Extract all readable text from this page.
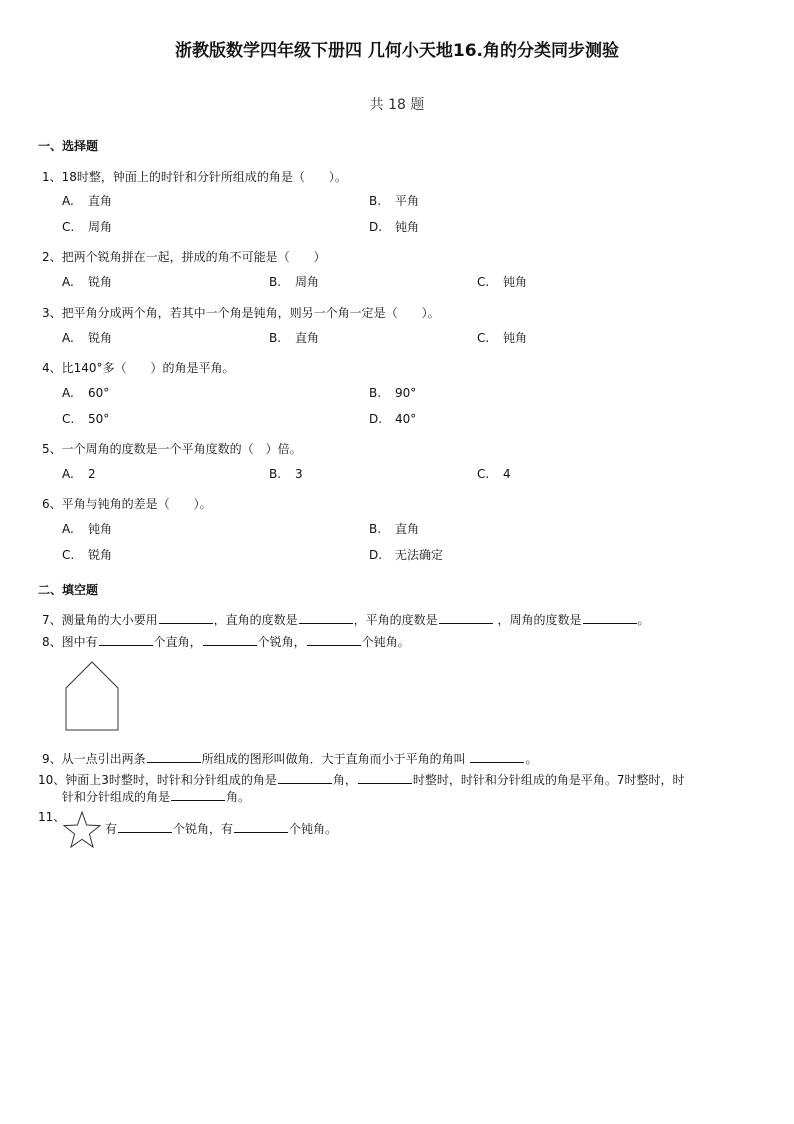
浙教版数学四年级下册四 几何小天地16.角的分类同步测验
共 18 题
一、选择题
1、18时整，钟面上的时针和分针所组成的角是（　　）。
A.	直角	B.	平角
C.	周角	D.	钝角
2、把两个锐角拼在一起，拼成的角不可能是（　　）
A.	锐角	B.	周角	C.	钝角
3、把平角分成两个角，若其中一个角是钝角，则另一个角一定是（　　）。
A.	锐角	B.	直角	C.	钝角
4、比140°多（　　）的角是平角。
A.	60°	B.	90°
C.	50°	D.	40°
5、一个周角的度数是一个平角度数的（　）倍。
A.	2	B.	3	C.	4
6、平角与钝角的差是（　　）。
A.	钝角	B.	直角
C.	锐角	D.	无法确定
二、填空题
7、测量角的大小要用	，直角的度数是	，平角的度数是	，周角的度数是	。
8、图中有	个直角，	个锐角，	个钝角。
9、从一点引出两条	所组成的图形叫做角．大于直角而小于平角的角叫	。
10、钟面上3时整时，时针和分针组成的角是	角，	时整时，时针和分针组成的角是平角。7时整时，时
针和分针组成的角是	角。
11、
有	个锐角，有	个钝角。
